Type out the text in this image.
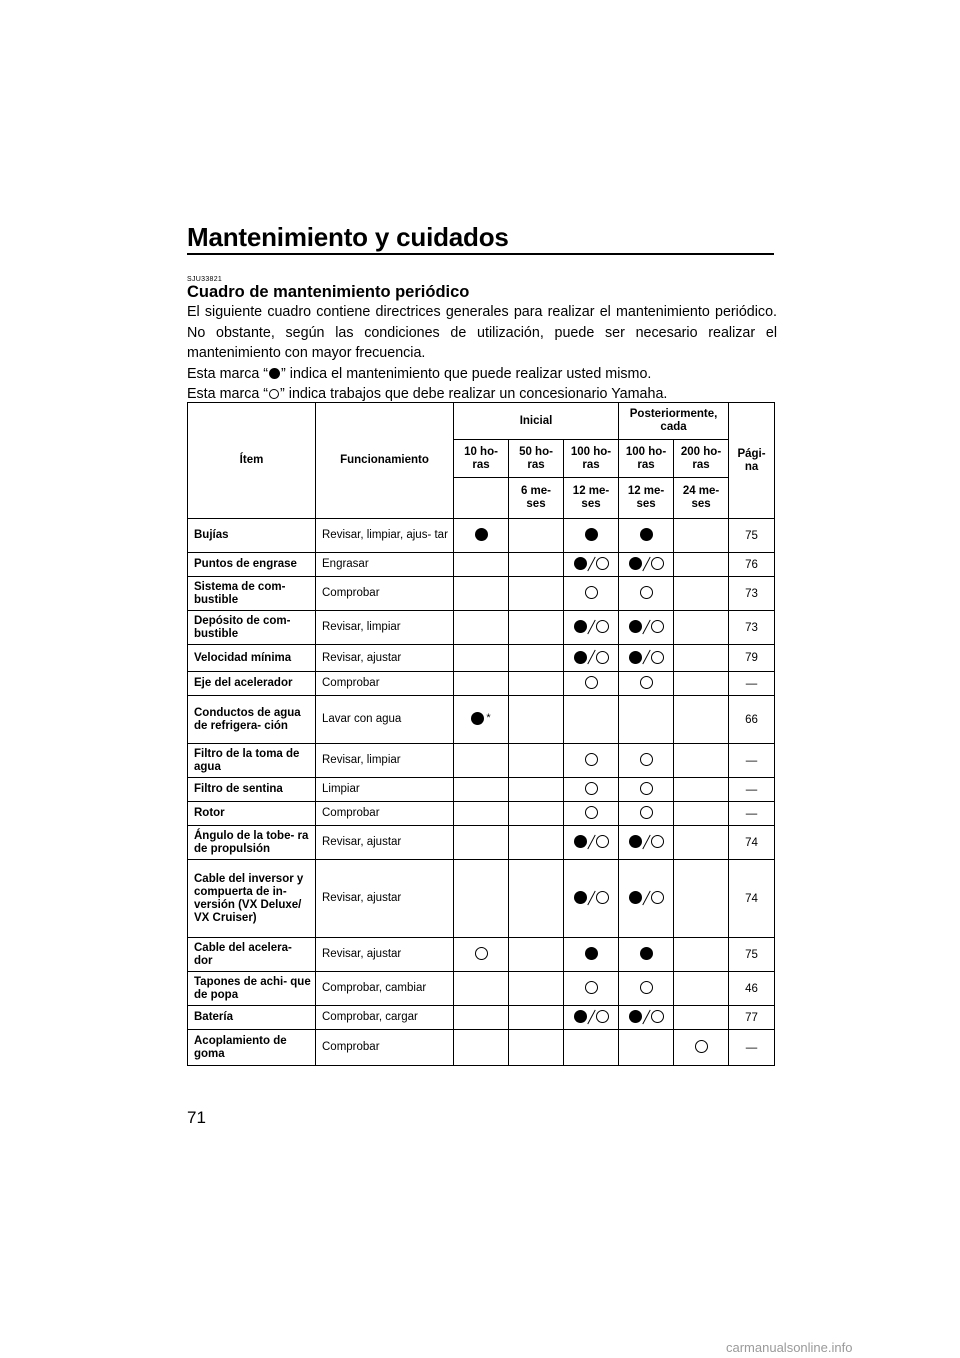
Mantenimiento y cuidados
SJU33821
Cuadro de mantenimiento periódico

El siguiente cuadro contiene directrices generales para realizar el mantenimiento periódico. No obstante, según las condiciones de utilización, puede ser necesario realizar el mantenimiento con mayor frecuencia.

Esta marca “ ” indica el mantenimiento que puede realizar usted mismo.

Esta marca “ ” indica trabajos que debe realizar un concesionario Yamaha.

Ítem	Funcionamiento	Inicial			Posteriormente, cada		Pági- na
		10 ho- ras	50 ho- ras	100 ho- ras	100 ho- ras	200 ho- ras	
			6 me- ses	12 me- ses	12 me- ses	24 me- ses	
Bujías	Revisar, limpiar, ajus- tar						75
Puntos de engrase	Engrasar						76
Sistema de com- bustible	Comprobar						73
Depósito de com- bustible	Revisar, limpiar						73
Velocidad mínima	Revisar, ajustar						79
Eje del acelerador	Comprobar						—
Conductos de agua de refrigera- ción	Lavar con agua	*					66
Filtro de la toma de agua	Revisar, limpiar						—
Filtro de sentina	Limpiar						—
Rotor	Comprobar						—
Ángulo de la tobe- ra de propulsión	Revisar, ajustar						74
Cable del inversor y compuerta de in- versión (VX Deluxe/ VX Cruiser)	Revisar, ajustar						74
Cable del acelera- dor	Revisar, ajustar						75
Tapones de achi- que de popa	Comprobar, cambiar						46
Batería	Comprobar, cargar						77
Acoplamiento de goma	Comprobar						—
71
carmanualsonline.info
